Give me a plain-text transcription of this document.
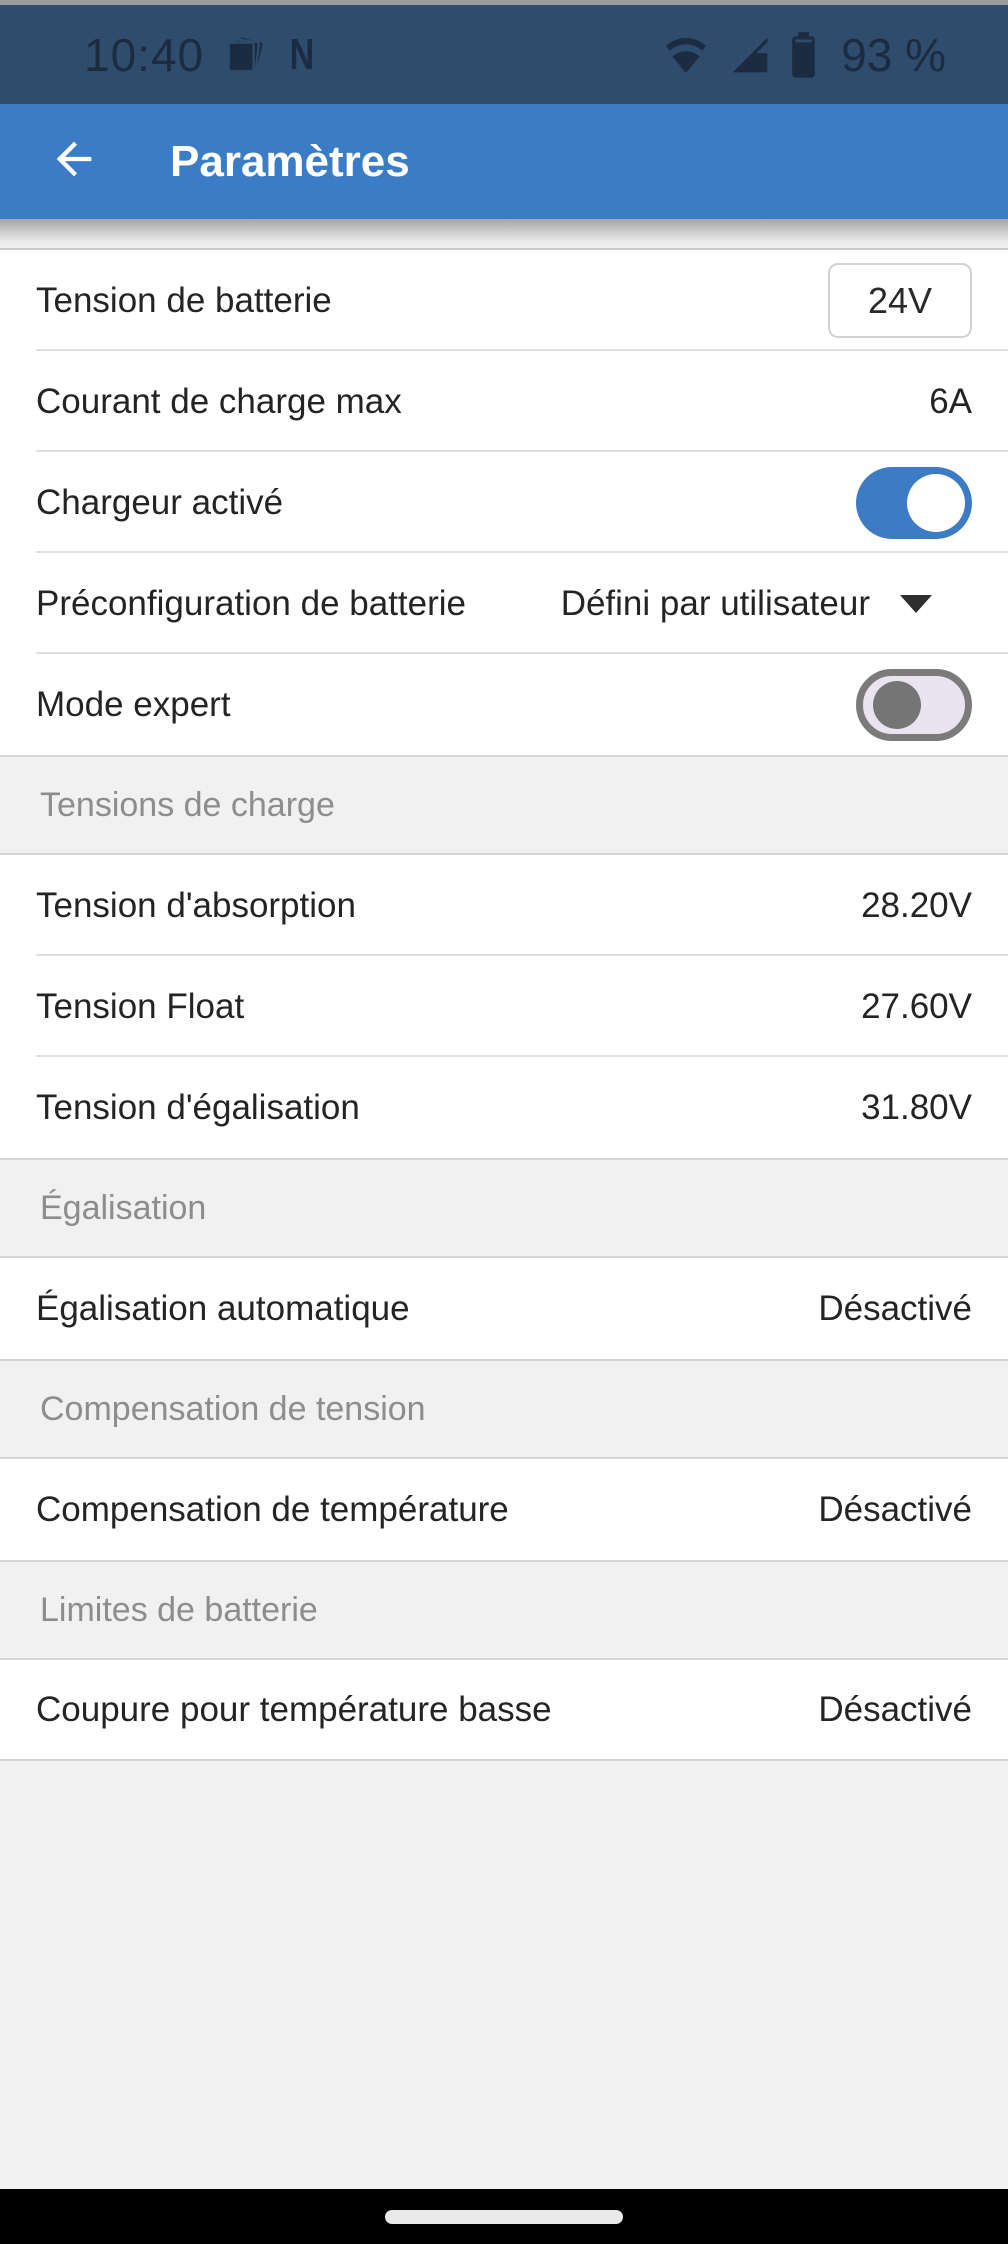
10:40 N	93 %
Paramètres
Tension de batterie	24V
Courant de charge max	6A
Chargeur activé
Préconfiguration de batterie	Défini par utilisateur
Mode expert
Tensions de charge
Tension d'absorption	28.20V
Tension Float	27.60V
Tension d'égalisation	31.80V
Égalisation
Égalisation automatique	Désactivé
Compensation de tension
Compensation de température	Désactivé
Limites de batterie
Coupure pour température basse	Désactivé
